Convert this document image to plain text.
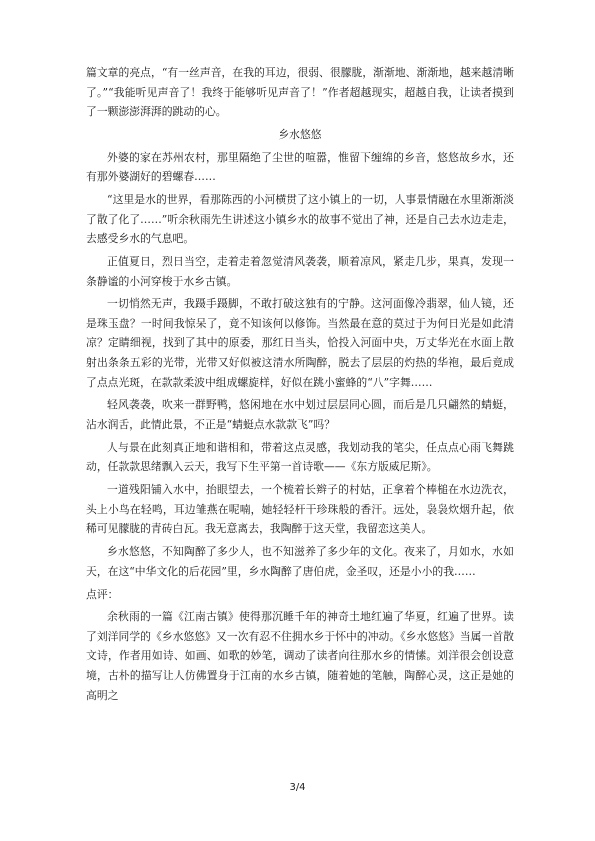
篇文章的亮点，“有一丝声音，在我的耳边，很弱、很朦胧，渐渐地、渐渐地，越来越清晰了。”“我能听见声音了！我终于能够听见声音了！”作者超越现实，超越自我，让读者摸到了一颗澎澎湃湃的跳动的心。

乡水悠悠

外婆的家在苏州农村，那里隔绝了尘世的喧嚣，惟留下缠绵的乡音，悠悠故乡水，还有那外婆湖好的碧螺春……

“这里是水的世界，看那陈西的小河横贯了这小镇上的一切，人事景情融在水里渐渐淡了散了化了……”听余秋雨先生讲述这小镇乡水的故事不觉出了神，还是自己去水边走走，去感受乡水的气息吧。

正值夏日，烈日当空，走着走着忽觉清风袭袭，顺着凉风，紧走几步，果真，发现一条静谧的小河穿梭于水乡古镇。

一切悄然无声，我蹑手蹑脚，不敢打破这独有的宁静。这河面像冷翡翠，仙人镜，还是珠玉盘？一时间我惊呆了，竟不知该何以修饰。当然最在意的莫过于为何日光是如此清凉？定睛细视，找到了其中的原委，那红日当头，恰投入河面中央，万丈华光在水面上散射出条条五彩的光带，光带又好似被这清水所陶醉，脱去了层层的灼热的华袍，最后竟成了点点光斑，在款款柔波中组成螺旋样，好似在跳小蜜蜂的“八”字舞……

轻风袭袭，吹来一群野鸭，悠闲地在水中划过层层同心圆，而后是几只翩然的蜻蜓，沾水润舌，此情此景，不正是“蜻蜓点水款款飞”吗？

人与景在此刻真正地和谐相和，带着这点灵感，我划动我的笔尖，任点点心雨飞舞跳动，任款款思绪飘入云天，我写下生平第一首诗歌——《东方版威尼斯》。

一道残阳铺入水中，抬眼望去，一个梳着长辫子的村姑，正拿着个棒槌在水边洗衣，头上小鸟在轻鸣，耳边雏燕在呢喃，她轻轻杆干珍珠般的香汗。远处，袅袅炊烟升起，依稀可见朦胧的青砖白瓦。我无意离去，我陶醉于这天堂，我留恋这美人。

乡水悠悠，不知陶醉了多少人，也不知滋养了多少年的文化。夜来了，月如水，水如天，在这“中华文化的后花园”里，乡水陶醉了唐伯虎，金圣叹，还是小小的我……

点评：

余秋雨的一篇《江南古镇》使得那沉睡千年的神奇土地红遍了华夏，红遍了世界。读了刘洋同学的《乡水悠悠》又一次有忍不住拥水乡于怀中的冲动。《乡水悠悠》当属一首散文诗，作者用如诗、如画、如歌的妙笔，调动了读者向往那水乡的情愫。刘洋很会创设意境，古朴的描写让人仿佛置身于江南的水乡古镇，随着她的笔触，陶醉心灵，这正是她的高明之

3/4
